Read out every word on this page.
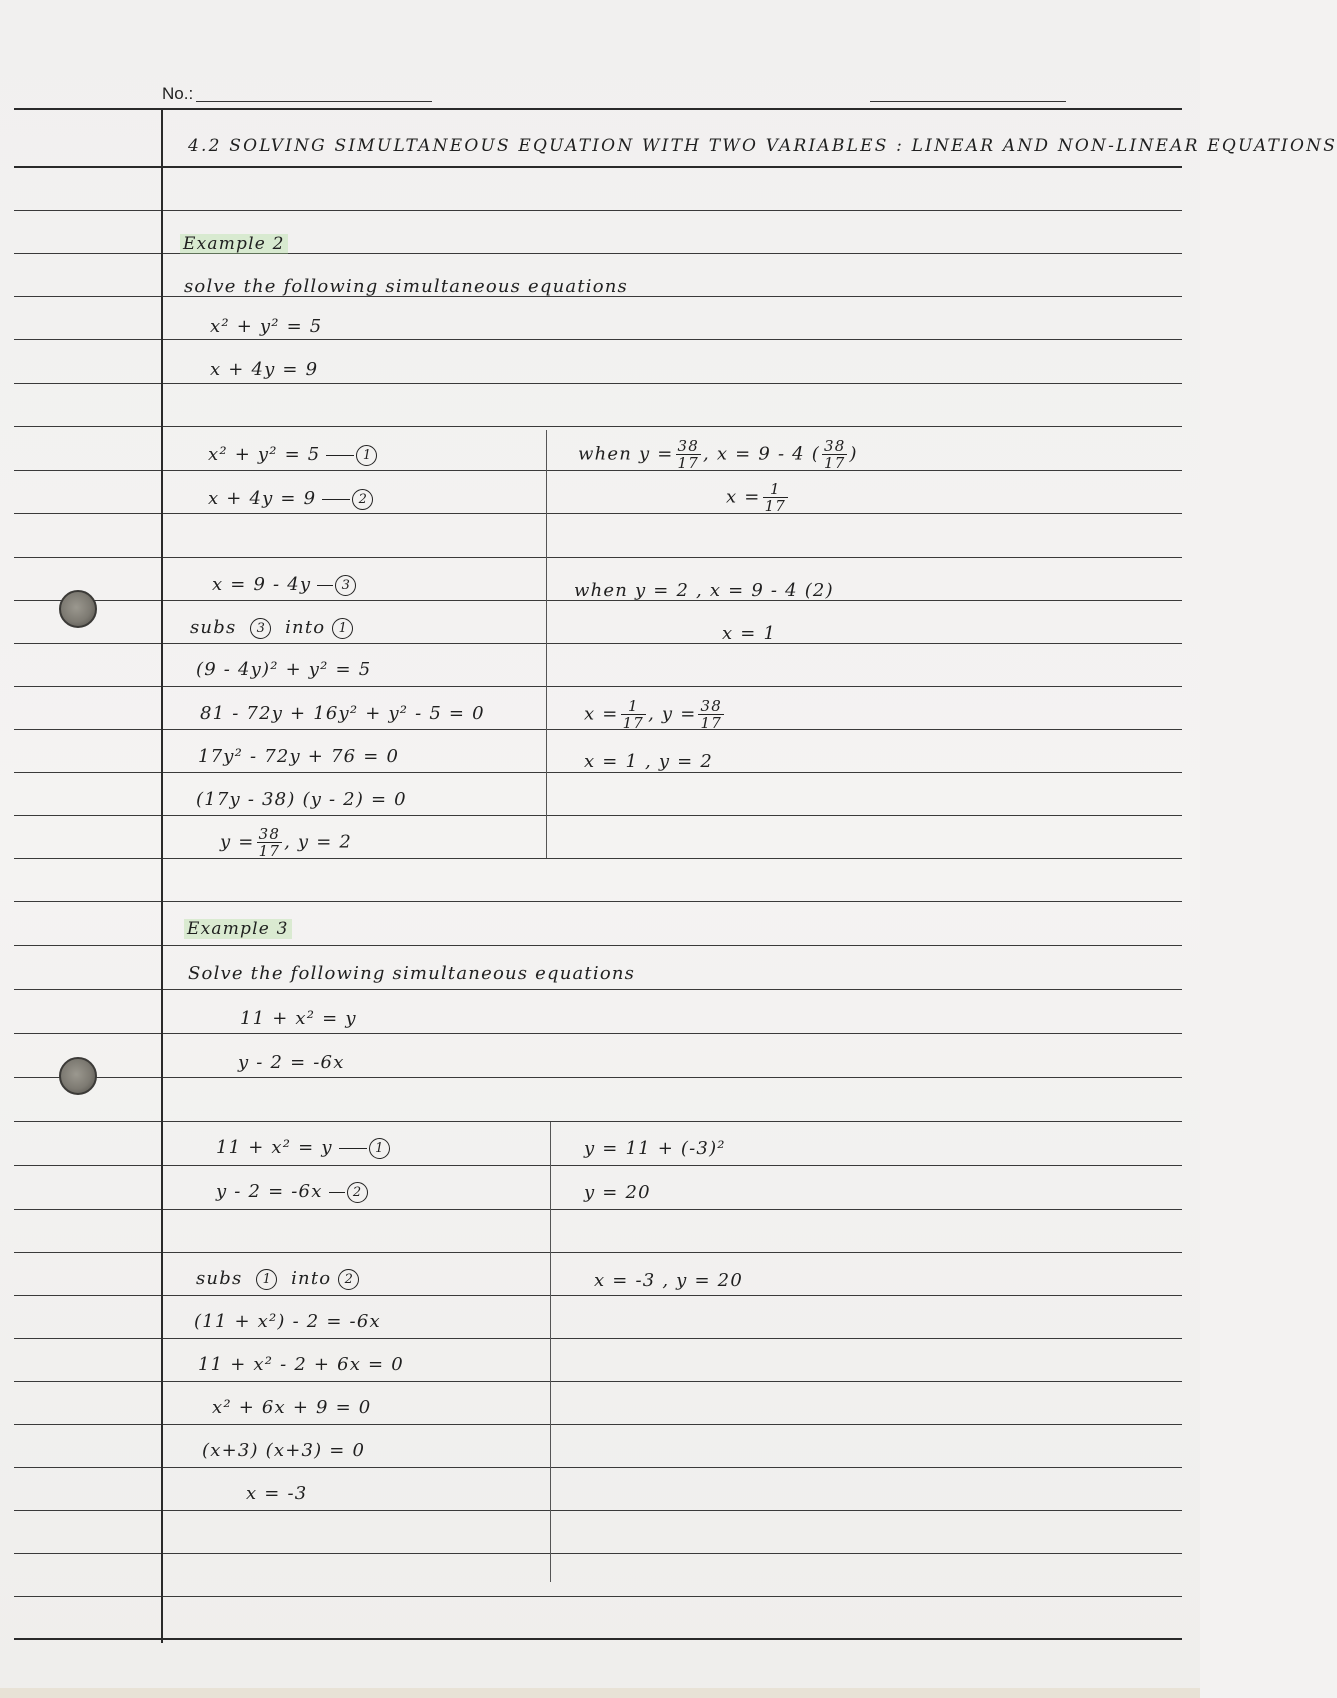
No.:
4.2 SOLVING SIMULTANEOUS EQUATION WITH TWO VARIABLES : LINEAR AND NON-LINEAR EQUATIONS
Example 2
solve the following simultaneous equations
x² + y² = 5
x + 4y = 9
x² + y² = 5	1
x + 4y = 9	2
x = 9 - 4y 3
subs 3 into 1
(9 - 4y)² + y² = 5
81 - 72y + 16y² + y² - 5 = 0
17y² - 72y + 76 = 0
(17y - 38) (y - 2) = 0
$y = \frac{38}{17}$ , y = 2
when $y = \frac{38}{17}$ , x = 9 - 4 ( $\frac{38}{17}$ )
$x = \frac{1}{17}$
when y = 2 , x = 9 - 4 (2)
x = 1
$x = \frac{1}{17}$ , $y = \frac{38}{17}$
x = 1 , y = 2
Example 3
Solve the following simultaneous equations
11 + x² = y
y - 2 = -6x
11 + x² = y	1
y - 2 = -6x 2
subs 1 into 2
(11 + x²) - 2 = -6x
11 + x² - 2 + 6x = 0
x² + 6x + 9 = 0
(x+3) (x+3) = 0
x = -3
y = 11 + (-3)²
y = 20
x = -3 , y = 20
